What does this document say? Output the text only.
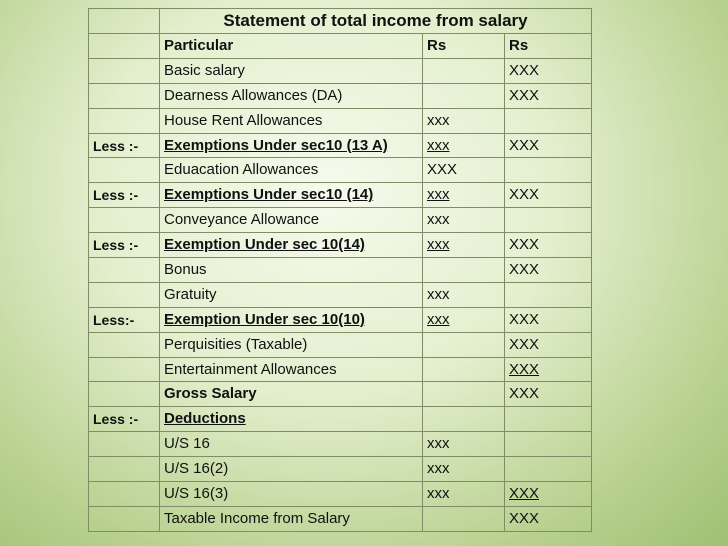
	Statement of total income from salary		
	Particular	Rs	Rs
	Basic salary		XXX
	Dearness Allowances (DA)		XXX
	House Rent Allowances	xxx	
Less :-	Exemptions Under sec10 (13 A)	xxx	XXX
	Eduacation Allowances	XXX	
Less :-	Exemptions Under sec10 (14)	xxx	XXX
	Conveyance Allowance	xxx	
Less :-	Exemption Under sec 10(14)	xxx	XXX
	Bonus		XXX
	Gratuity	xxx	
Less:-	Exemption Under sec 10(10)	xxx	XXX
	Perquisities (Taxable)		XXX
	Entertainment Allowances		XXX
	Gross Salary		XXX
Less :-	Deductions		
	U/S 16	xxx	
	U/S 16(2)	xxx	
	U/S 16(3)	xxx	XXX
	Taxable Income from Salary		XXX
